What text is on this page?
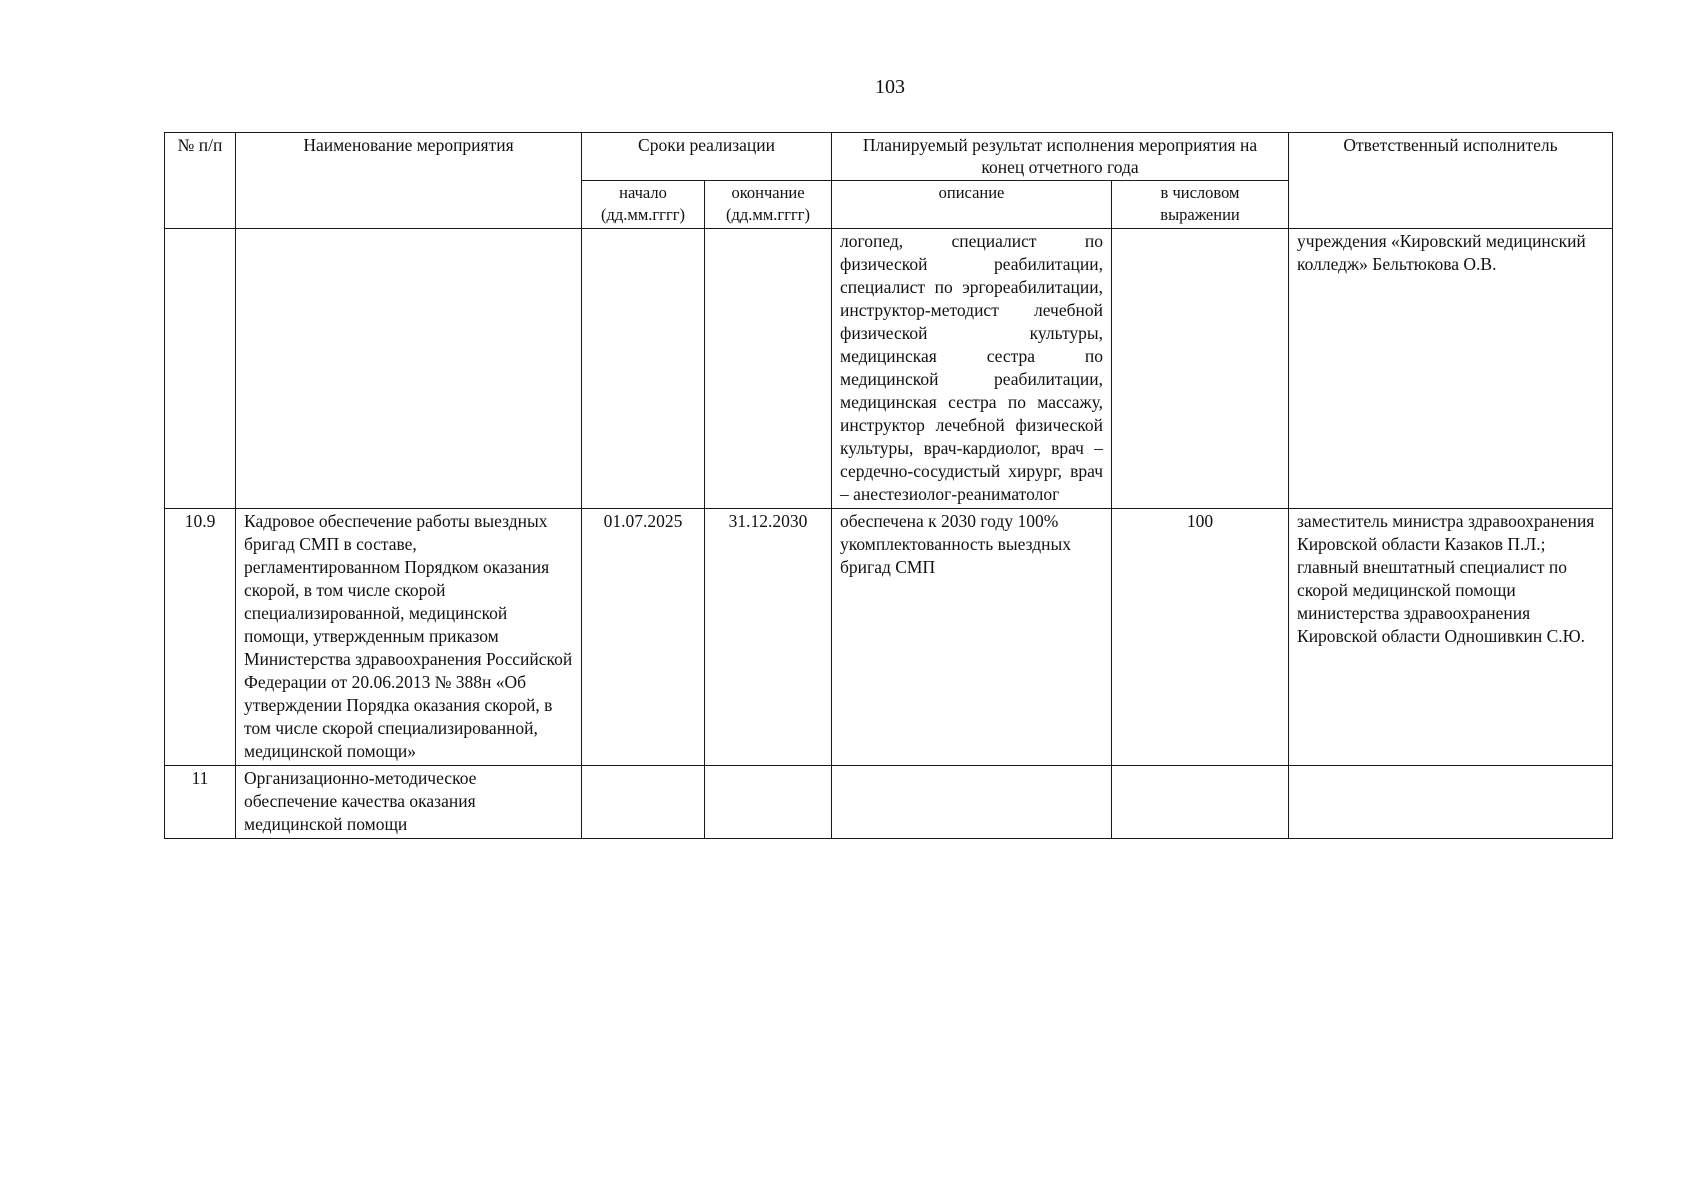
103
№ п/п	Наименование мероприятия	Сроки реализации		Планируемый результат исполнения мероприятия на конец отчетного года		Ответственный исполнитель
		начало (дд.мм.гггг)	окончание (дд.мм.гггг)	описание	в числовом выражении	
				логопед, специалист по физической реабилитации, специалист по эргореабилитации, инструктор-методист лечебной физической культуры, медицинская сестра по медицинской реабилитации, медицинская сестра по массажу, инструктор лечебной физической культуры, врач-кардиолог, врач – сердечно-сосудистый хирург, врач – анестезиолог-реаниматолог		учреждения «Кировский медицинский колледж» Бельтюкова О.В.
10.9	Кадровое обеспечение работы выездных бригад СМП в составе, регламентированном Порядком оказания скорой, в том числе скорой специализированной, медицинской помощи, утвержденным приказом Министерства здравоохранения Российской Федерации от 20.06.2013 № 388н «Об утверждении Порядка оказания скорой, в том числе скорой специализированной, медицинской помощи»	01.07.2025	31.12.2030	обеспечена к 2030 году 100% укомплектованность выездных бригад СМП	100	заместитель министра здравоохранения Кировской области Казаков П.Л.; главный внештатный специалист по скорой медицинской помощи министерства здравоохранения Кировской области Одношивкин С.Ю.
11	Организационно-методическое обеспечение качества оказания медицинской помощи					
